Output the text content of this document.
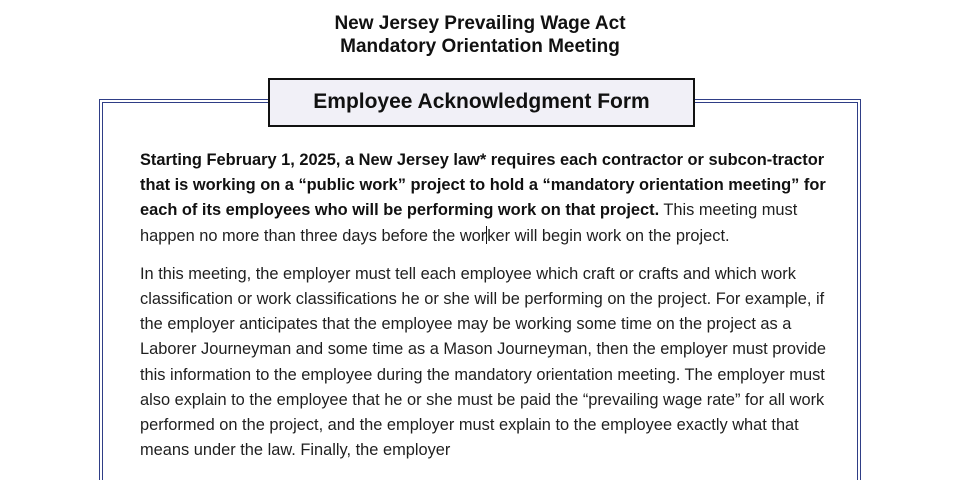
New Jersey Prevailing Wage Act
Mandatory Orientation Meeting
Employee Acknowledgment Form

Starting February 1, 2025, a New Jersey law* requires each contractor or subcon-tractor that is working on a “public work” project to hold a “mandatory orientation meeting” for each of its employees who will be performing work on that project. This meeting must happen no more than three days before the worker will begin work on the project.

In this meeting, the employer must tell each employee which craft or crafts and which work classification or work classifications he or she will be performing on the project. For example, if the employer anticipates that the employee may be working some time on the project as a Laborer Journeyman and some time as a Mason Journeyman, then the employer must provide this information to the employee during the mandatory orientation meeting. The employer must also explain to the employee that he or she must be paid the “prevailing wage rate” for all work performed on the project, and the employer must explain to the employee exactly what that means under the law. Finally, the employer
